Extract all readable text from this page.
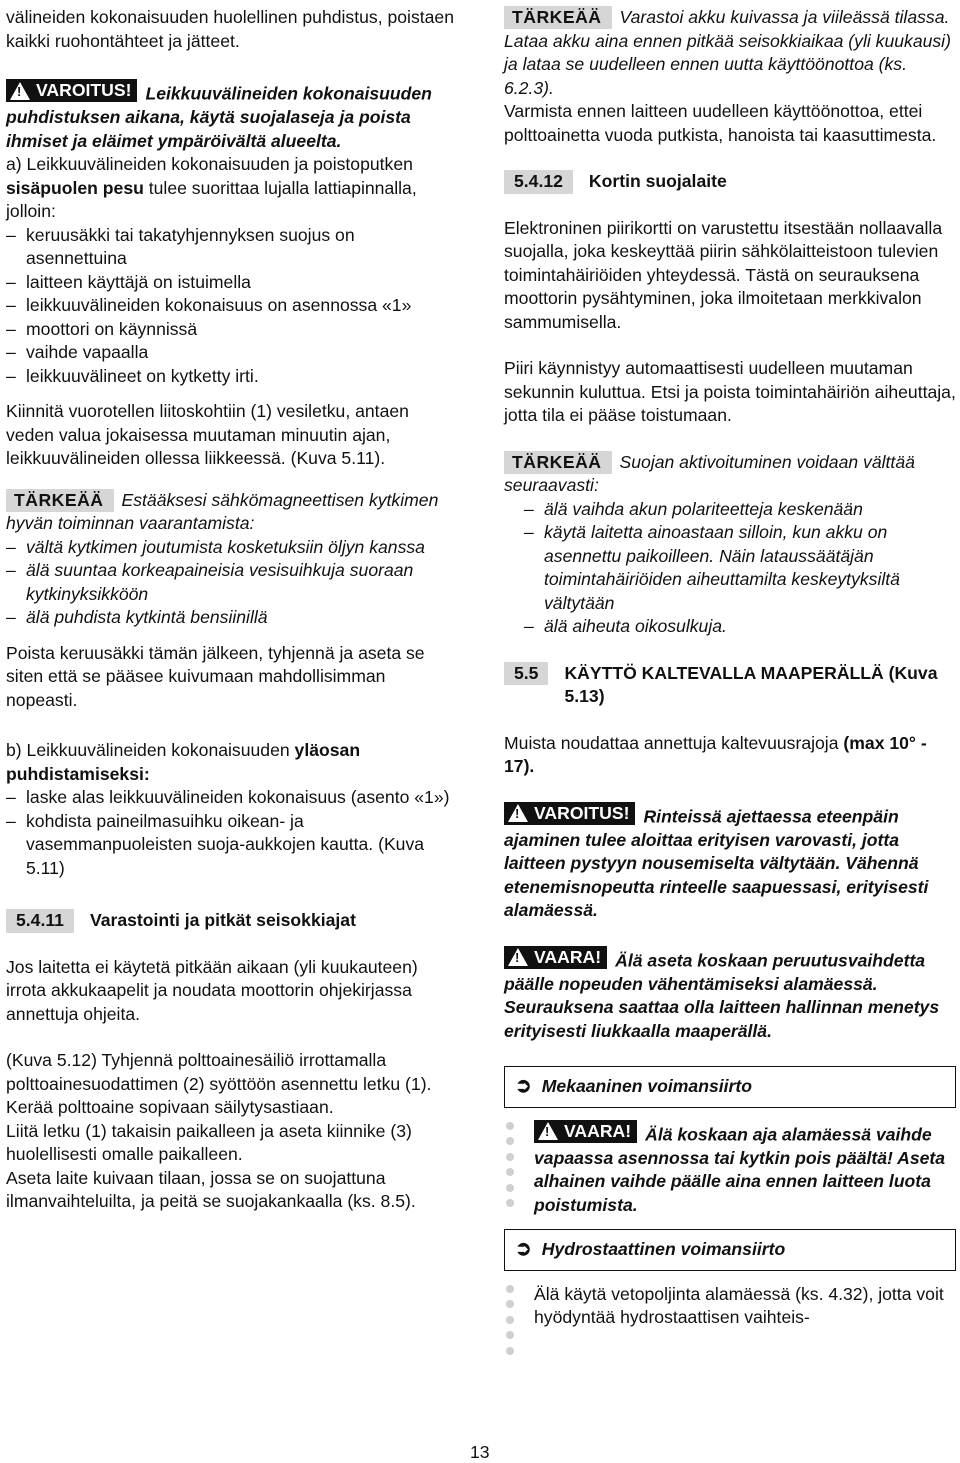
välineiden kokonaisuuden huolellinen puhdistus, poistaen kaikki ruohontähteet ja jätteet.

! VAROITUS! Leikkuuvälineiden kokonaisuuden puhdistuksen aikana, käytä suojalaseja ja poista ihmiset ja eläimet ympäröivältä alueelta.

a) Leikkuuvälineiden kokonaisuuden ja poistoputken sisäpuolen pesu tulee suorittaa lujalla lattiapinnalla, jolloin:

– keruusäkki tai takatyhjennyksen suojus on asennettuina
– laitteen käyttäjä on istuimella
– leikkuuvälineiden kokonaisuus on asennossa «1»
– moottori on käynnissä
– vaihde vapaalla
– leikkuuvälineet on kytketty irti.

Kiinnitä vuorotellen liitoskohtiin (1) vesiletku, antaen veden valua jokaisessa muutaman minuutin ajan, leikkuuvälineiden ollessa liikkeessä. (Kuva 5.11).

TÄRKEÄÄ Estääksesi sähkömagneettisen kytkimen hyvän toiminnan vaarantamista:

– vältä kytkimen joutumista kosketuksiin öljyn kanssa
– älä suuntaa korkeapaineisia vesisuihkuja suoraan kytkinyksikköön
– älä puhdista kytkintä bensiinillä

Poista keruusäkki tämän jälkeen, tyhjennä ja aseta se siten että se pääsee kuivumaan mahdollisimman nopeasti.

b) Leikkuuvälineiden kokonaisuuden yläosan puhdistamiseksi:

– laske alas leikkuuvälineiden kokonaisuus (asento «1»)
– kohdista paineilmasuihku oikean- ja vasemmanpuoleisten suoja-aukkojen kautta. (Kuva 5.11)

5.4.11 Varastointi ja pitkät seisokkiajat

Jos laitetta ei käytetä pitkään aikaan (yli kuukauteen) irrota akkukaapelit ja noudata moottorin ohjekirjassa annettuja ohjeita.

(Kuva 5.12) Tyhjennä polttoainesäiliö irrottamalla polttoainesuodattimen (2) syöttöön asennettu letku (1). Kerää polttoaine sopivaan säilytysastiaan.

Liitä letku (1) takaisin paikalleen ja aseta kiinnike (3) huolellisesti omalle paikalleen.

Aseta laite kuivaan tilaan, jossa se on suojattuna ilmanvaihteluilta, ja peitä se suojakankaalla (ks. 8.5).

TÄRKEÄÄ Varastoi akku kuivassa ja viileässä tilassa. Lataa akku aina ennen pitkää seisokkiaikaa (yli kuukausi) ja lataa se uudelleen ennen uutta käyttöönottoa (ks. 6.2.3).

Varmista ennen laitteen uudelleen käyttöönottoa, ettei polttoainetta vuoda putkista, hanoista tai kaasuttimesta.

5.4.12 Kortin suojalaite

Elektroninen piirikortti on varustettu itsestään nollaavalla suojalla, joka keskeyttää piirin sähkölaitteistoon tulevien toimintahäiriöiden yhteydessä. Tästä on seurauksena moottorin pysähtyminen, joka ilmoitetaan merkkivalon sammumisella.

Piiri käynnistyy automaattisesti uudelleen muutaman sekunnin kuluttua. Etsi ja poista toimintahäiriön aiheuttaja, jotta tila ei pääse toistumaan.

TÄRKEÄÄ Suojan aktivoituminen voidaan välttää seuraavasti:

– älä vaihda akun polariteetteja keskenään
– käytä laitetta ainoastaan silloin, kun akku on asennettu paikoilleen. Näin lataussäätäjän toimintahäiriöiden aiheuttamilta keskeytyksiltä vältytään
– älä aiheuta oikosulkuja.
5.5	KÄYTTÖ KALTEVALLA MAAPERÄLLÄ (Kuva 5.13)

Muista noudattaa annettuja kaltevuusrajoja (max 10° - 17).

! VAROITUS! Rinteissä ajettaessa eteenpäin ajaminen tulee aloittaa erityisen varovasti, jotta laitteen pystyyn nousemiselta vältytään. Vähennä etenemisnopeutta rinteelle saapuessasi, erityisesti alamäessä.

! VAARA! Älä aseta koskaan peruutusvaihdetta päälle nopeuden vähentämiseksi alamäessä. Seurauksena saattaa olla laitteen hallinnan menetys erityisesti liukkaalla maaperällä.

➲ Mekaaninen voimansiirto

! VAARA! Älä koskaan aja alamäessä vaihde vapaassa asennossa tai kytkin pois päältä! Aseta alhainen vaihde päälle aina ennen laitteen luota poistumista.

➲ Hydrostaattinen voimansiirto

Älä käytä vetopoljinta alamäessä (ks. 4.32), jotta voit hyödyntää hydrostaattisen vaihteis-

13
